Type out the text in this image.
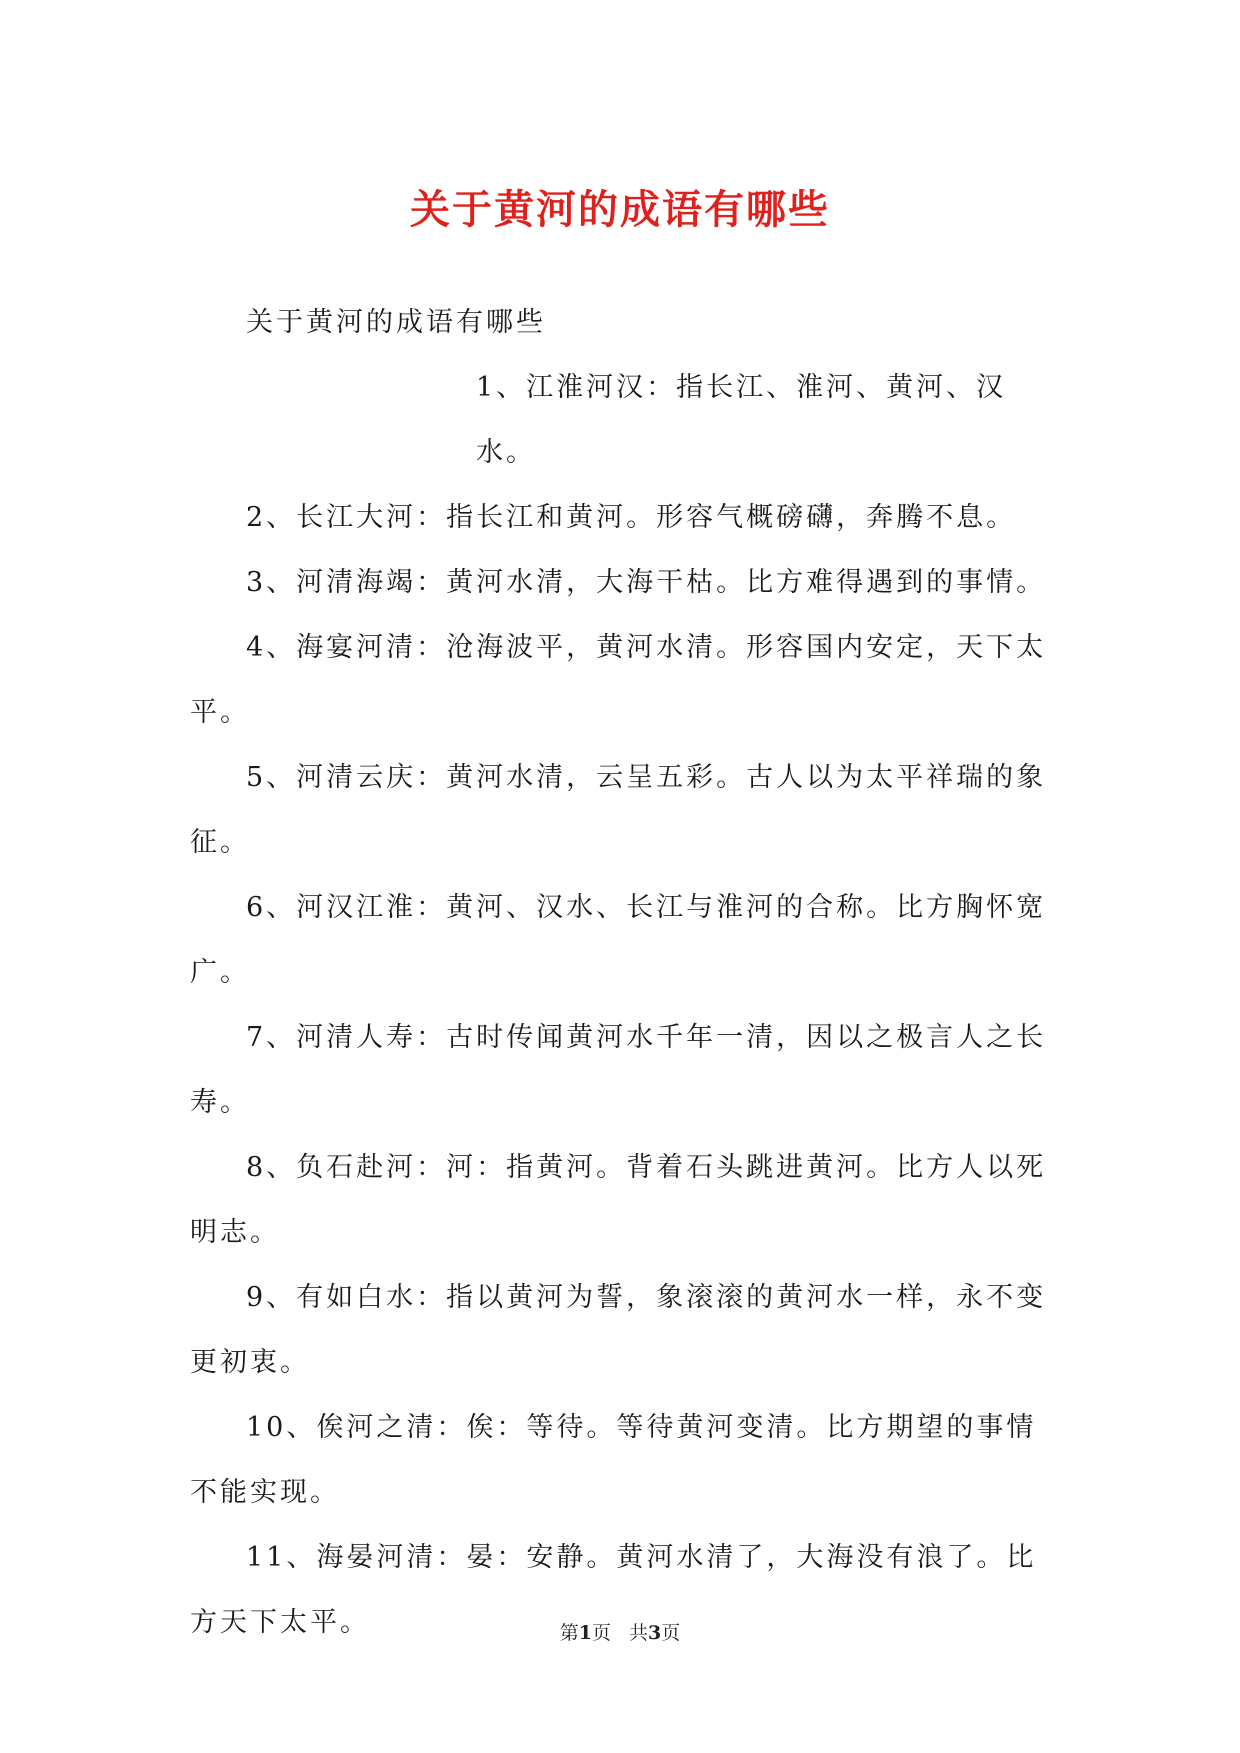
关于黄河的成语有哪些

关于黄河的成语有哪些

1、江淮河汉：指长江、淮河、黄河、汉水。

2、长江大河：指长江和黄河。形容气概磅礴，奔腾不息。

3、河清海竭：黄河水清，大海干枯。比方难得遇到的事情。

4、海宴河清：沧海波平，黄河水清。形容国内安定，天下太平。

5、河清云庆：黄河水清，云呈五彩。古人以为太平祥瑞的象征。

6、河汉江淮：黄河、汉水、长江与淮河的合称。比方胸怀宽广。

7、河清人寿：古时传闻黄河水千年一清，因以之极言人之长寿。

8、负石赴河：河：指黄河。背着石头跳进黄河。比方人以死明志。

9、有如白水：指以黄河为誓，象滚滚的黄河水一样，永不变更初衷。

10、俟河之清：俟：等待。等待黄河变清。比方期望的事情不能实现。

11、海晏河清：晏：安静。黄河水清了，大海没有浪了。比方天下太平。	第1页 共3页
